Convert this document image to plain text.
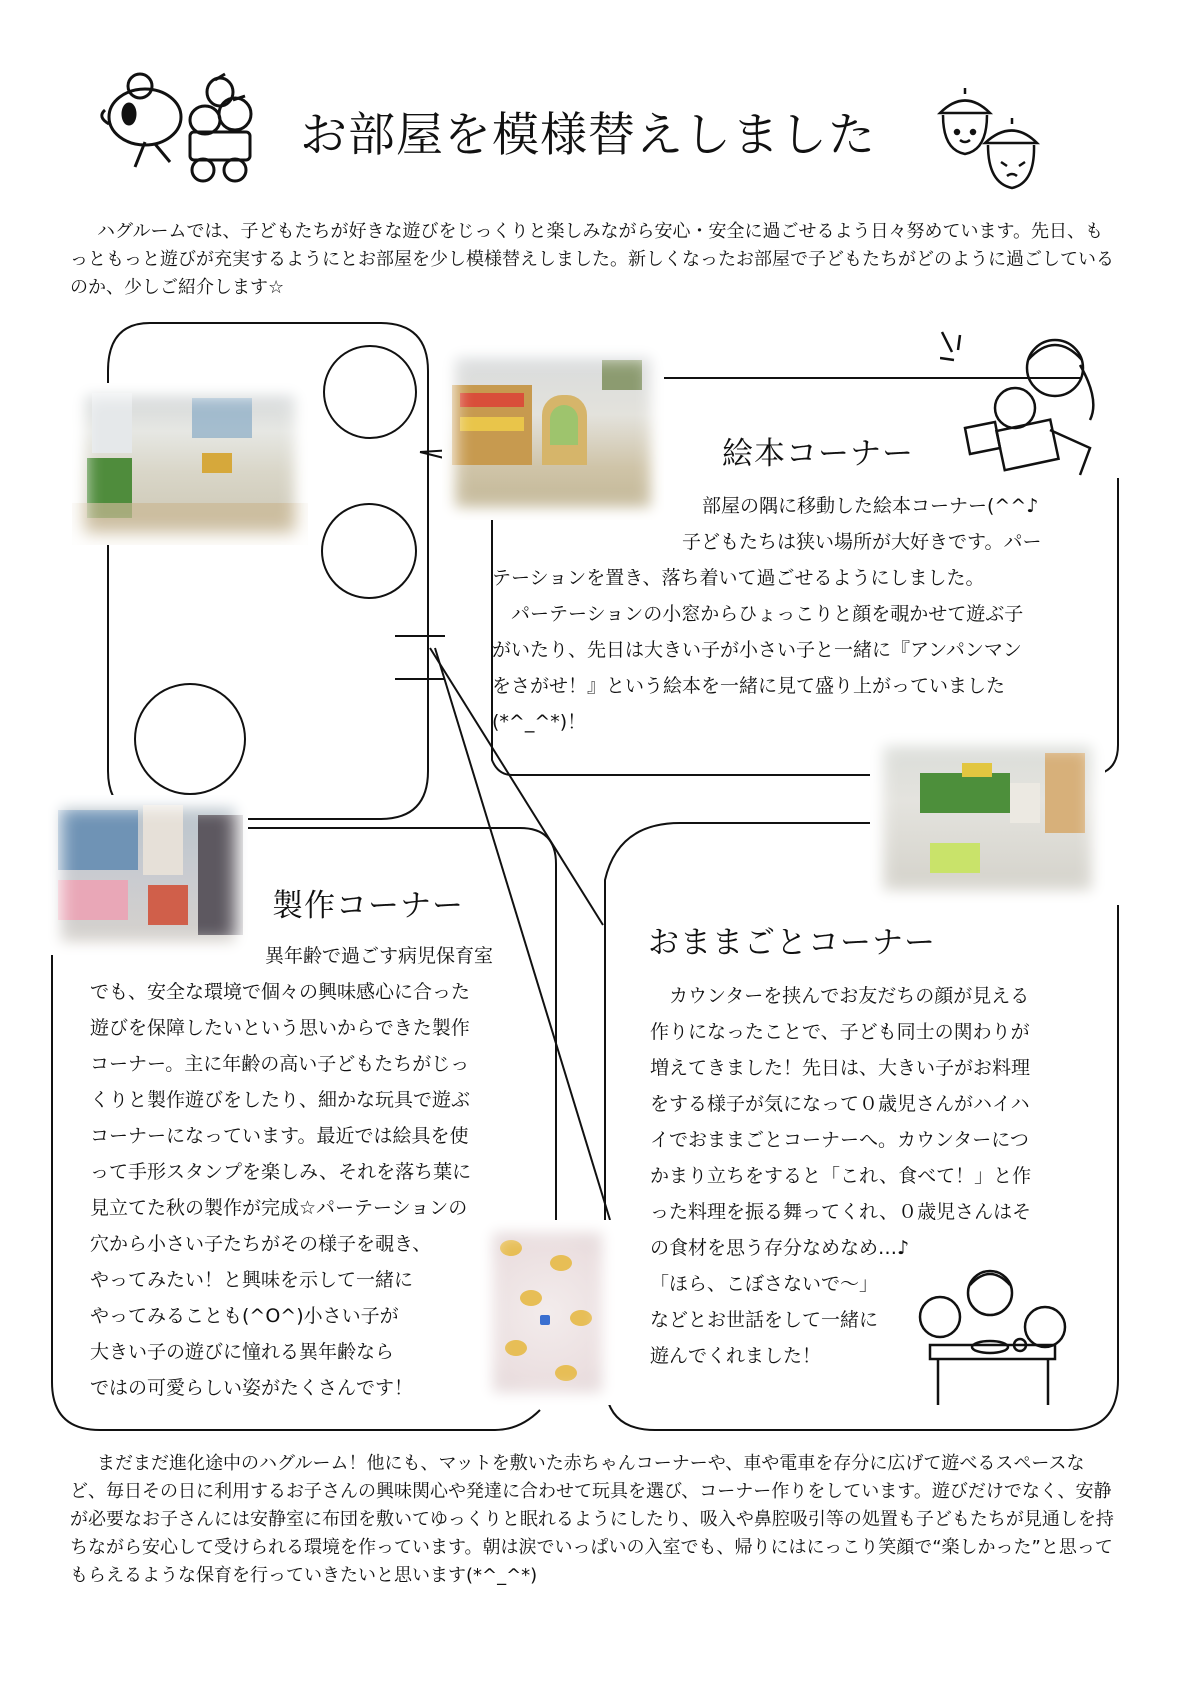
お部屋を模様替えしました

ハグルームでは、子どもたちが好きな遊びをじっくりと楽しみながら安心・安全に過ごせるよう日々努めています。先日、もっともっと遊びが充実するようにとお部屋を少し模様替えしました。新しくなったお部屋で子どもたちがどのように過ごしているのか、少しご紹介します☆

絵本コーナー
部屋の隅に移動した絵本コーナー(^^♪
子どもたちは狭い場所が大好きです。パー
テーションを置き、落ち着いて過ごせるようにしました。
　パーテーションの小窓からひょっこりと顔を覗かせて遊ぶ子
がいたり、先日は大きい子が小さい子と一緒に『アンパンマン
をさがせ！』という絵本を一緒に見て盛り上がっていました
(*^_^*)！
製作コーナー
異年齢で過ごす病児保育室
でも、安全な環境で個々の興味感心に合った
遊びを保障したいという思いからできた製作
コーナー。主に年齢の高い子どもたちがじっ
くりと製作遊びをしたり、細かな玩具で遊ぶ
コーナーになっています。最近では絵具を使
って手形スタンプを楽しみ、それを落ち葉に
見立てた秋の製作が完成☆パーテーションの
穴から小さい子たちがその様子を覗き、
やってみたい！と興味を示して一緒に
やってみることも(^O^)小さい子が
大きい子の遊びに憧れる異年齢なら
ではの可愛らしい姿がたくさんです！
おままごとコーナー
　カウンターを挟んでお友だちの顔が見える
作りになったことで、子ども同士の関わりが
増えてきました！先日は、大きい子がお料理
をする様子が気になって０歳児さんがハイハ
イでおままごとコーナーへ。カウンターにつ
かまり立ちをすると「これ、食べて！」と作
った料理を振る舞ってくれ、０歳児さんはそ
の食材を思う存分なめなめ…♪
「ほら、こぼさないで〜」
などとお世話をして一緒に
遊んでくれました！

まだまだ進化途中のハグルーム！他にも、マットを敷いた赤ちゃんコーナーや、車や電車を存分に広げて遊べるスペースなど、毎日その日に利用するお子さんの興味関心や発達に合わせて玩具を選び、コーナー作りをしています。遊びだけでなく、安静が必要なお子さんには安静室に布団を敷いてゆっくりと眠れるようにしたり、吸入や鼻腔吸引等の処置も子どもたちが見通しを持ちながら安心して受けられる環境を作っています。朝は涙でいっぱいの入室でも、帰りにはにっこり笑顔で“楽しかった”と思ってもらえるような保育を行っていきたいと思います(*^_^*)
